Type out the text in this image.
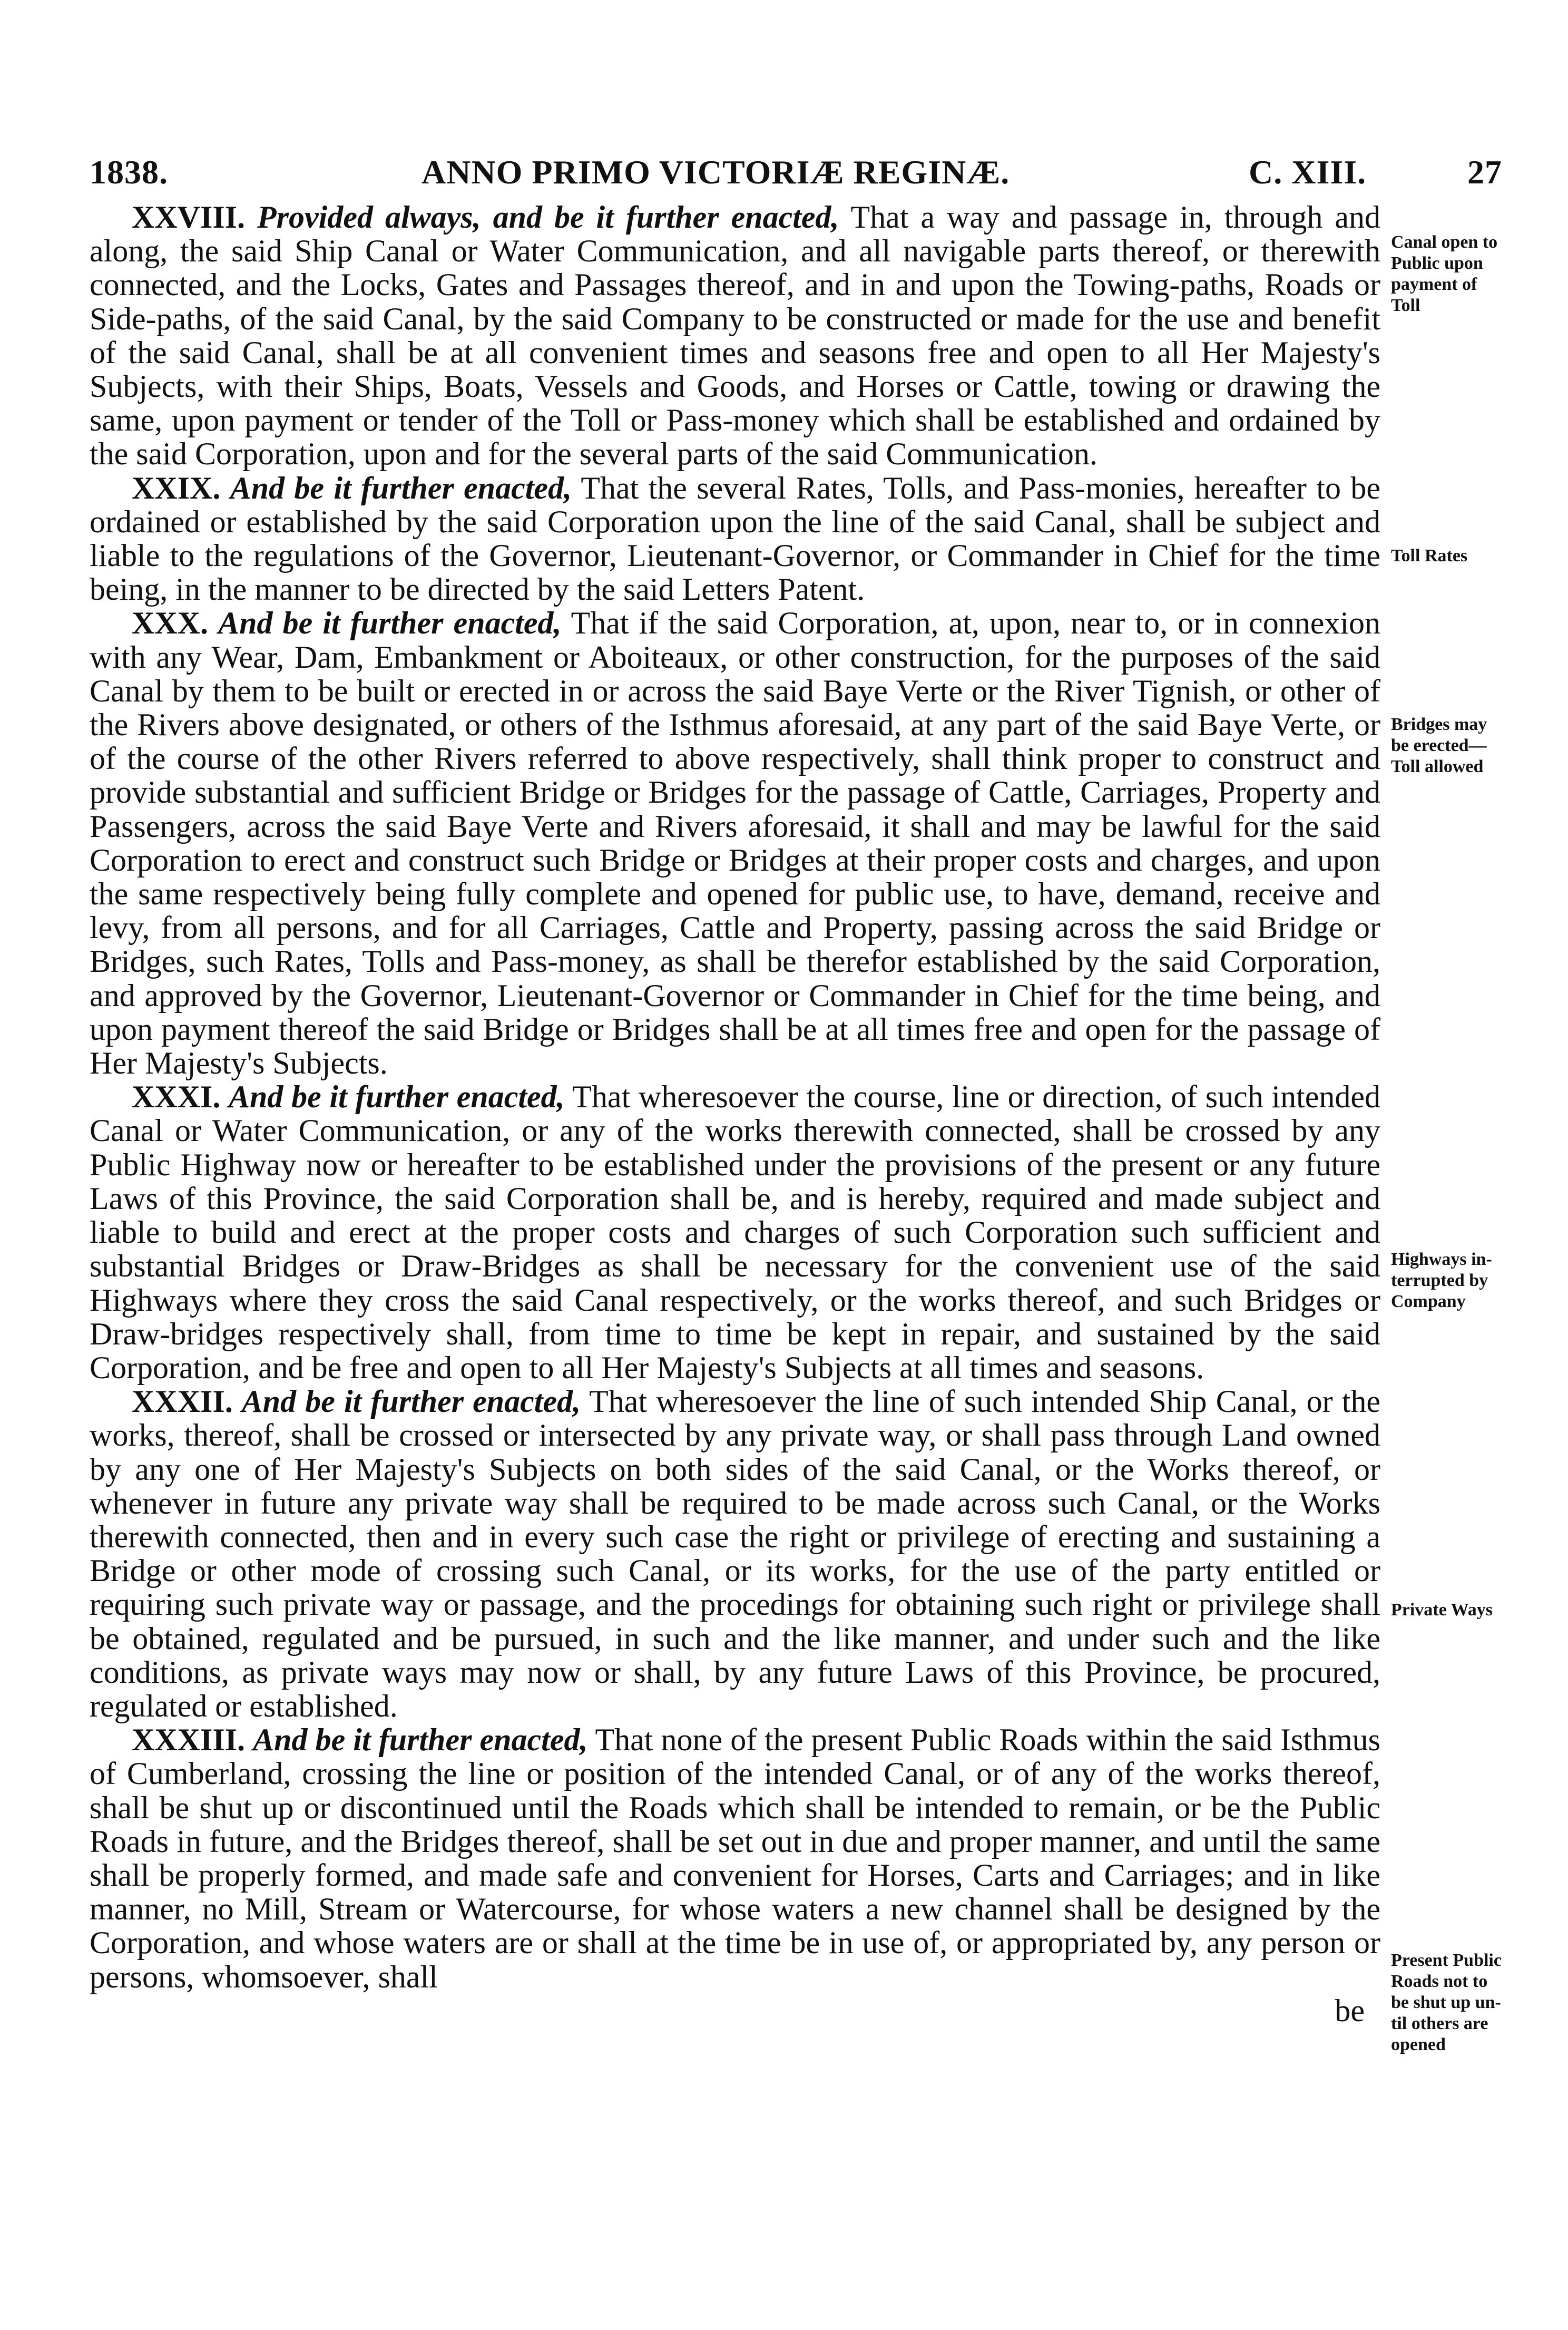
1838.	ANNO PRIMO VICTORIÆ REGINÆ.	C. XIII.	27

XXVIII. Provided always, and be it further enacted, That a way and passage in, through and along, the said Ship Canal or Water Communication, and all navigable parts thereof, or therewith connected, and the Locks, Gates and Passages thereof, and in and upon the Towing-paths, Roads or Side-paths, of the said Canal, by the said Company to be constructed or made for the use and benefit of the said Canal, shall be at all convenient times and seasons free and open to all Her Majesty's Subjects, with their Ships, Boats, Vessels and Goods, and Horses or Cattle, towing or drawing the same, upon payment or tender of the Toll or Pass-money which shall be established and ordained by the said Corporation, upon and for the several parts of the said Communication.

XXIX. And be it further enacted, That the several Rates, Tolls, and Pass-monies, hereafter to be ordained or established by the said Corporation upon the line of the said Canal, shall be subject and liable to the regulations of the Governor, Lieutenant-Governor, or Commander in Chief for the time being, in the manner to be directed by the said Letters Patent.

XXX. And be it further enacted, That if the said Corporation, at, upon, near to, or in connexion with any Wear, Dam, Embankment or Aboiteaux, or other construction, for the purposes of the said Canal by them to be built or erected in or across the said Baye Verte or the River Tignish, or other of the Rivers above designated, or others of the Isthmus aforesaid, at any part of the said Baye Verte, or of the course of the other Rivers referred to above respectively, shall think proper to construct and provide substantial and sufficient Bridge or Bridges for the passage of Cattle, Carriages, Property and Passengers, across the said Baye Verte and Rivers aforesaid, it shall and may be lawful for the said Corporation to erect and construct such Bridge or Bridges at their proper costs and charges, and upon the same respectively being fully complete and opened for public use, to have, demand, receive and levy, from all persons, and for all Carriages, Cattle and Property, passing across the said Bridge or Bridges, such Rates, Tolls and Pass-money, as shall be therefor established by the said Corporation, and approved by the Governor, Lieutenant-Governor or Commander in Chief for the time being, and upon payment thereof the said Bridge or Bridges shall be at all times free and open for the passage of Her Majesty's Subjects.

XXXI. And be it further enacted, That wheresoever the course, line or direction, of such intended Canal or Water Communication, or any of the works therewith connected, shall be crossed by any Public Highway now or hereafter to be established under the provisions of the present or any future Laws of this Province, the said Corporation shall be, and is hereby, required and made subject and liable to build and erect at the proper costs and charges of such Corporation such sufficient and substantial Bridges or Draw-Bridges as shall be necessary for the convenient use of the said Highways where they cross the said Canal respectively, or the works thereof, and such Bridges or Draw-bridges respectively shall, from time to time be kept in repair, and sustained by the said Corporation, and be free and open to all Her Majesty's Subjects at all times and seasons.

XXXII. And be it further enacted, That wheresoever the line of such intended Ship Canal, or the works, thereof, shall be crossed or intersected by any private way, or shall pass through Land owned by any one of Her Majesty's Subjects on both sides of the said Canal, or the Works thereof, or whenever in future any private way shall be required to be made across such Canal, or the Works therewith connected, then and in every such case the right or privilege of erecting and sustaining a Bridge or other mode of crossing such Canal, or its works, for the use of the party entitled or requiring such private way or passage, and the procedings for obtaining such right or privilege shall be obtained, regulated and be pursued, in such and the like manner, and under such and the like conditions, as private ways may now or shall, by any future Laws of this Province, be procured, regulated or established.

XXXIII. And be it further enacted, That none of the present Public Roads within the said Isthmus of Cumberland, crossing the line or position of the intended Canal, or of any of the works thereof, shall be shut up or discontinued until the Roads which shall be intended to remain, or be the Public Roads in future, and the Bridges thereof, shall be set out in due and proper manner, and until the same shall be properly formed, and made safe and convenient for Horses, Carts and Carriages; and in like manner, no Mill, Stream or Watercourse, for whose waters a new channel shall be designed by the Corporation, and whose waters are or shall at the time be in use of, or appropriated by, any person or persons, whomsoever, shall

be

Canal open to
Public upon
payment of
Toll
Toll Rates
Bridges may
be erected—
Toll allowed
Highways in-
terrupted by
Company
Private Ways
Present Public
Roads not to
be shut up un-
til others are
opened
